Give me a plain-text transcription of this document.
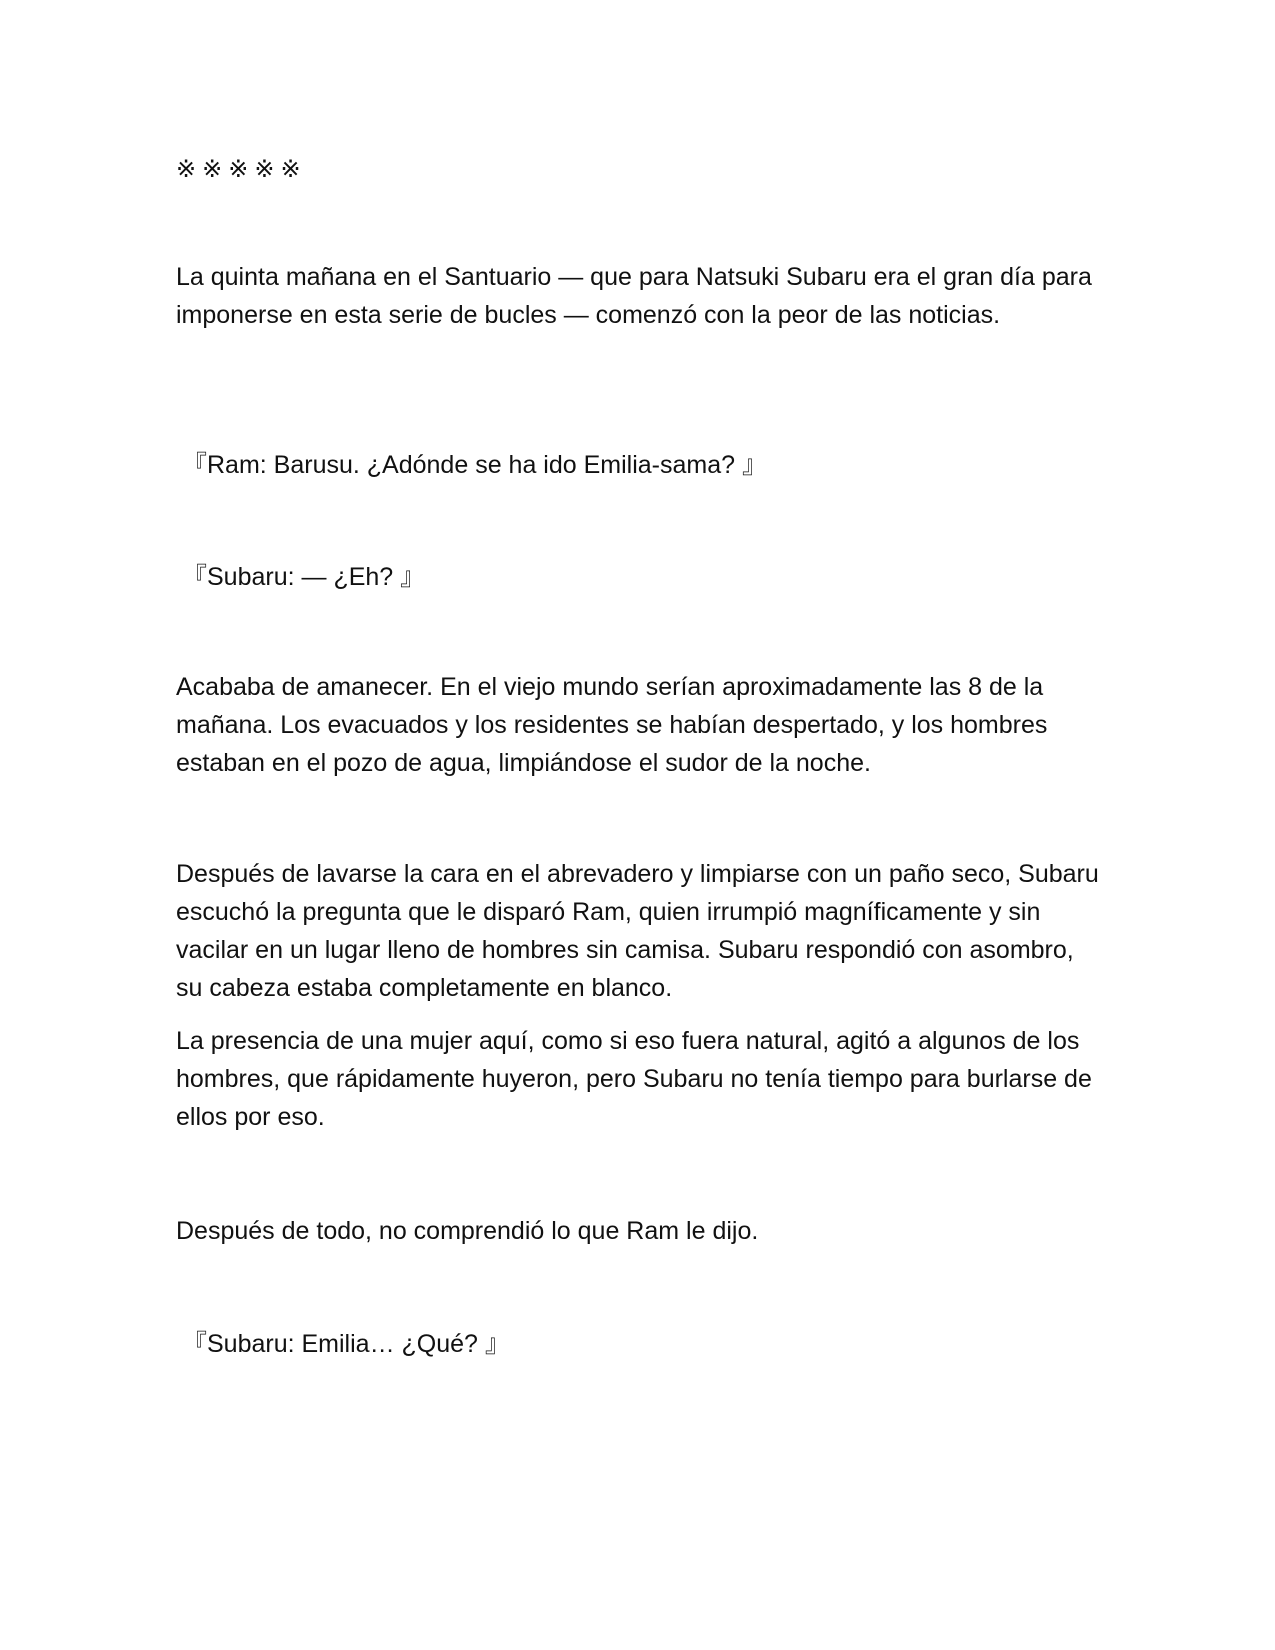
※※※※※

La quinta mañana en el Santuario — que para Natsuki Subaru era el gran día para imponerse en esta serie de bucles — comenzó con la peor de las noticias.

『Ram: Barusu. ¿Adónde se ha ido Emilia-sama? 』

『Subaru: — ¿Eh? 』

Acababa de amanecer. En el viejo mundo serían aproximadamente las 8 de la mañana. Los evacuados y los residentes se habían despertado, y los hombres estaban en el pozo de agua, limpiándose el sudor de la noche.

Después de lavarse la cara en el abrevadero y limpiarse con un paño seco, Subaru escuchó la pregunta que le disparó Ram, quien irrumpió magníficamente y sin vacilar en un lugar lleno de hombres sin camisa. Subaru respondió con asombro, su cabeza estaba completamente en blanco.

La presencia de una mujer aquí, como si eso fuera natural, agitó a algunos de los hombres, que rápidamente huyeron, pero Subaru no tenía tiempo para burlarse de ellos por eso.

Después de todo, no comprendió lo que Ram le dijo.

『Subaru: Emilia… ¿Qué? 』
